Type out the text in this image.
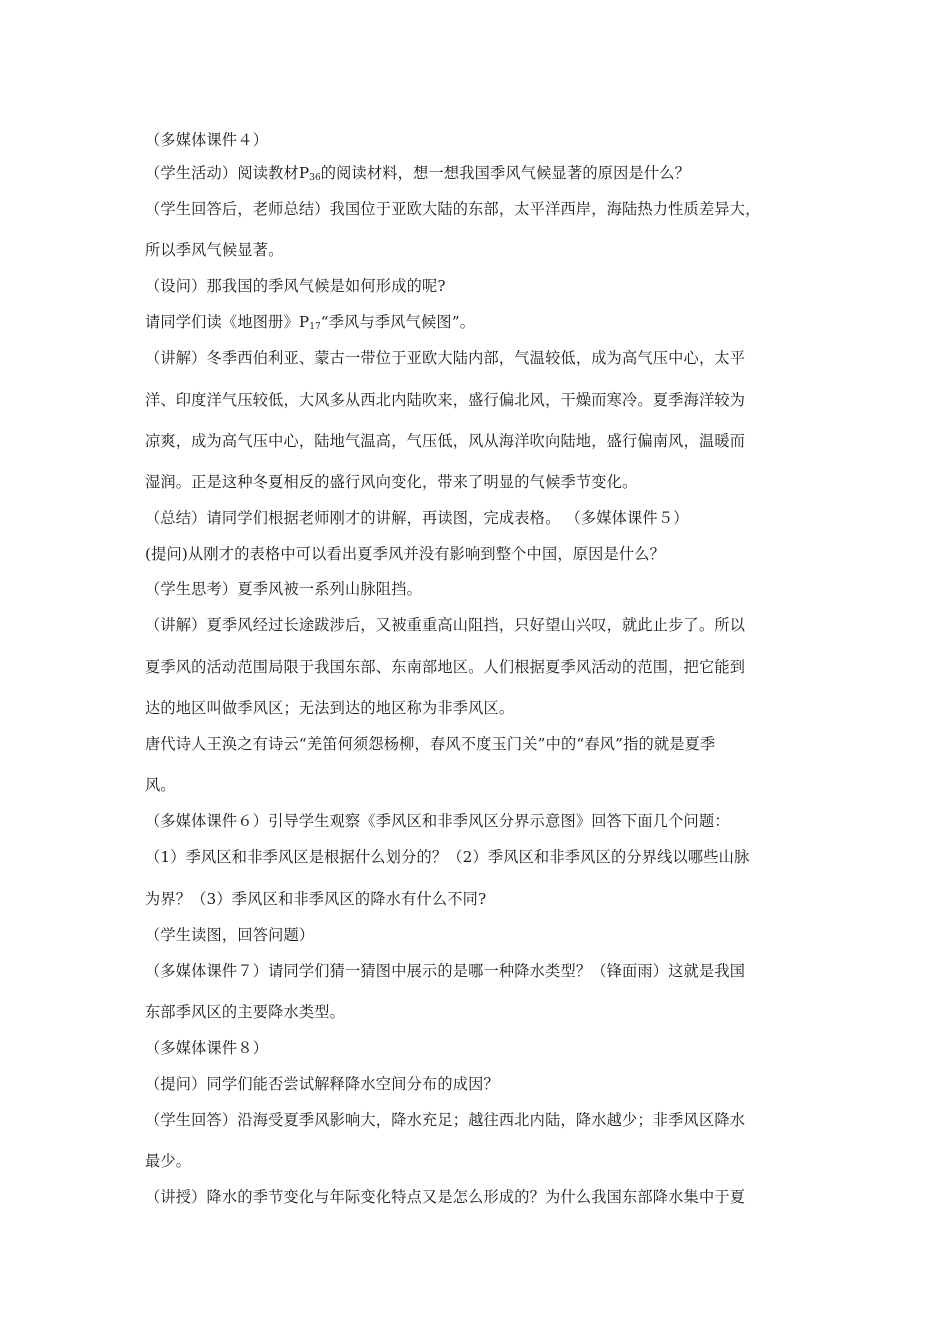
（多媒体课件４）
（学生活动）阅读教材$P_{36}$的阅读材料，想一想我国季风气候显著的原因是什么？
（学生回答后，老师总结）我国位于亚欧大陆的东部，太平洋西岸，海陆热力性质差异大，
所以季风气候显著。
（设问）那我国的季风气候是如何形成的呢?
请同学们读《地图册》$P_{17}“$季风与季风气候图”。
（讲解）冬季西伯利亚、蒙古一带位于亚欧大陆内部，气温较低，成为高气压中心，太平
洋、印度洋气压较低，大风多从西北内陆吹来，盛行偏北风，干燥而寒冷。夏季海洋较为
凉爽，成为高气压中心，陆地气温高，气压低，风从海洋吹向陆地，盛行偏南风，温暖而
湿润。正是这种冬夏相反的盛行风向变化，带来了明显的气候季节变化。
（总结）请同学们根据老师刚才的讲解，再读图，完成表格。 （多媒体课件５）
(提问)从刚才的表格中可以看出夏季风并没有影响到整个中国，原因是什么？
（学生思考）夏季风被一系列山脉阻挡。
（讲解）夏季风经过长途跋涉后，又被重重高山阻挡，只好望山兴叹，就此止步了。所以
夏季风的活动范围局限于我国东部、东南部地区。人们根据夏季风活动的范围，把它能到
达的地区叫做季风区；无法到达的地区称为非季风区。
唐代诗人王涣之有诗云“羌笛何须怨杨柳，春风不度玉门关”中的“春风”指的就是夏季
风。
（多媒体课件６）引导学生观察《季风区和非季风区分界示意图》回答下面几个问题：
（1）季风区和非季风区是根据什么划分的？（2）季风区和非季风区的分界线以哪些山脉
为界？（3）季风区和非季风区的降水有什么不同?
（学生读图，回答问题）
（多媒体课件７）请同学们猜一猜图中展示的是哪一种降水类型？（锋面雨）这就是我国
东部季风区的主要降水类型。
（多媒体课件８）
（提问）同学们能否尝试解释降水空间分布的成因？
（学生回答）沿海受夏季风影响大，降水充足；越往西北内陆，降水越少；非季风区降水
最少。
（讲授）降水的季节变化与年际变化特点又是怎么形成的？为什么我国东部降水集中于夏
